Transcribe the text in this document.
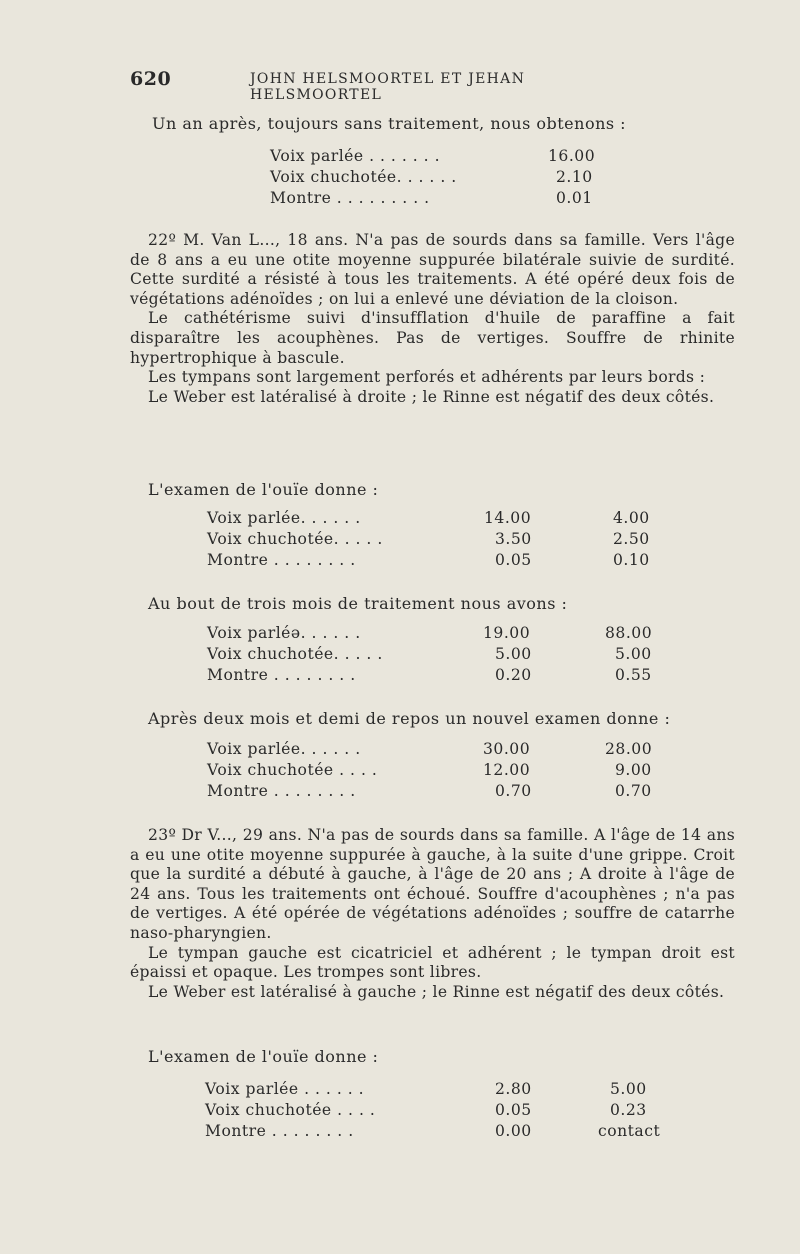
620	JOHN HELSMOORTEL ET JEHAN HELSMOORTEL

Un an après, toujours sans traitement, nous obtenons :

Voix parlée . . . . . . .	16.00
Voix chuchotée. . . . . .	2.10
Montre . . . . . . . . .	0.01

22º M. Van L..., 18 ans. N'a pas de sourds dans sa famille. Vers l'âge de 8 ans a eu une otite moyenne suppurée bilatérale suivie de surdité. Cette surdité a résisté à tous les traitements. A été opéré deux fois de végétations adénoïdes ; on lui a enlevé une déviation de la cloison.

Le cathétérisme suivi d'insufflation d'huile de paraffine a fait disparaître les acouphènes. Pas de vertiges. Souffre de rhinite hypertrophique à bascule.

Les tympans sont largement perforés et adhérents par leurs bords :

Le Weber est latéralisé à droite ; le Rinne est négatif des deux côtés.

L'examen de l'ouïe donne :

Voix parlée. . . . . .	14.00	4.00
Voix chuchotée. . . . .	3.50	2.50
Montre . . . . . . . .	0.05	0.10

Au bout de trois mois de traitement nous avons :

Voix parléə. . . . . .	19.00	88.00
Voix chuchotée. . . . .	5.00	5.00
Montre . . . . . . . .	0.20	0.55

Après deux mois et demi de repos un nouvel examen donne :

Voix parlée. . . . . .	30.00	28.00
Voix chuchotée . . . .	12.00	9.00
Montre . . . . . . . .	0.70	0.70

23º Dr V..., 29 ans. N'a pas de sourds dans sa famille. A l'âge de 14 ans a eu une otite moyenne suppurée à gauche, à la suite d'une grippe. Croit que la surdité a débuté à gauche, à l'âge de 20 ans ; A droite à l'âge de 24 ans. Tous les traitements ont échoué. Souffre d'acouphènes ; n'a pas de vertiges. A été opérée de végétations adénoïdes ; souffre de catarrhe naso-pharyngien.

Le tympan gauche est cicatriciel et adhérent ; le tympan droit est épaissi et opaque. Les trompes sont libres.

Le Weber est latéralisé à gauche ; le Rinne est négatif des deux côtés.

L'examen de l'ouïe donne :

Voix parlée . . . . . .	2.80	5.00
Voix chuchotée . . . .	0.05	0.23
Montre . . . . . . . .	0.00	contact
